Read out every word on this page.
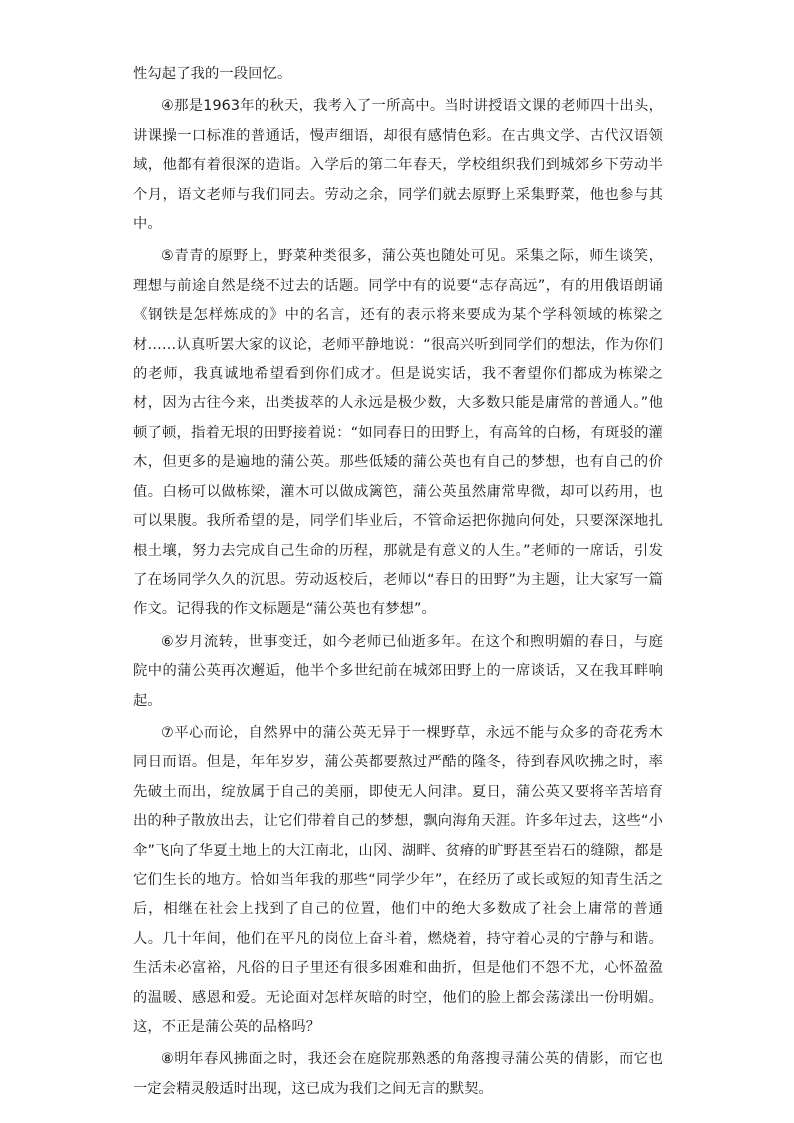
性勾起了我的一段回忆。

④那是1963年的秋天，我考入了一所高中。当时讲授语文课的老师四十出头，讲课操一口标准的普通话，慢声细语，却很有感情色彩。在古典文学、古代汉语领域，他都有着很深的造诣。入学后的第二年春天，学校组织我们到城郊乡下劳动半个月，语文老师与我们同去。劳动之余，同学们就去原野上采集野菜，他也参与其中。

⑤青青的原野上，野菜种类很多，蒲公英也随处可见。采集之际，师生谈笑，理想与前途自然是绕不过去的话题。同学中有的说要“志存高远”，有的用俄语朗诵《钢铁是怎样炼成的》中的名言，还有的表示将来要成为某个学科领域的栋梁之材……认真听罢大家的议论，老师平静地说：“很高兴听到同学们的想法，作为你们的老师，我真诚地希望看到你们成才。但是说实话，我不奢望你们都成为栋梁之材，因为古往今来，出类拔萃的人永远是极少数，大多数只能是庸常的普通人。”他顿了顿，指着无垠的田野接着说：“如同春日的田野上，有高耸的白杨，有斑驳的灌木，但更多的是遍地的蒲公英。那些低矮的蒲公英也有自己的梦想，也有自己的价值。白杨可以做栋梁，灌木可以做成篱笆，蒲公英虽然庸常卑微，却可以药用，也可以果腹。我所希望的是，同学们毕业后，不管命运把你抛向何处，只要深深地扎根土壤，努力去完成自己生命的历程，那就是有意义的人生。”老师的一席话，引发了在场同学久久的沉思。劳动返校后，老师以“春日的田野”为主题，让大家写一篇作文。记得我的作文标题是“蒲公英也有梦想”。

⑥岁月流转，世事变迁，如今老师已仙逝多年。在这个和煦明媚的春日，与庭院中的蒲公英再次邂逅，他半个多世纪前在城郊田野上的一席谈话，又在我耳畔响起。

⑦平心而论，自然界中的蒲公英无异于一棵野草，永远不能与众多的奇花秀木同日而语。但是，年年岁岁，蒲公英都要熬过严酷的隆冬，待到春风吹拂之时，率先破土而出，绽放属于自己的美丽，即使无人问津。夏日，蒲公英又要将辛苦培育出的种子散放出去，让它们带着自己的梦想，飘向海角天涯。许多年过去，这些“小伞”飞向了华夏土地上的大江南北，山冈、湖畔、贫瘠的旷野甚至岩石的缝隙，都是它们生长的地方。恰如当年我的那些“同学少年”，在经历了或长或短的知青生活之后，相继在社会上找到了自己的位置，他们中的绝大多数成了社会上庸常的普通人。几十年间，他们在平凡的岗位上奋斗着，燃烧着，持守着心灵的宁静与和谐。生活未必富裕，凡俗的日子里还有很多困难和曲折，但是他们不怨不尤，心怀盈盈的温暖、感恩和爱。无论面对怎样灰暗的时空，他们的脸上都会荡漾出一份明媚。这，不正是蒲公英的品格吗？

⑧明年春风拂面之时，我还会在庭院那熟悉的角落搜寻蒲公英的倩影，而它也一定会精灵般适时出现，这已成为我们之间无言的默契。
